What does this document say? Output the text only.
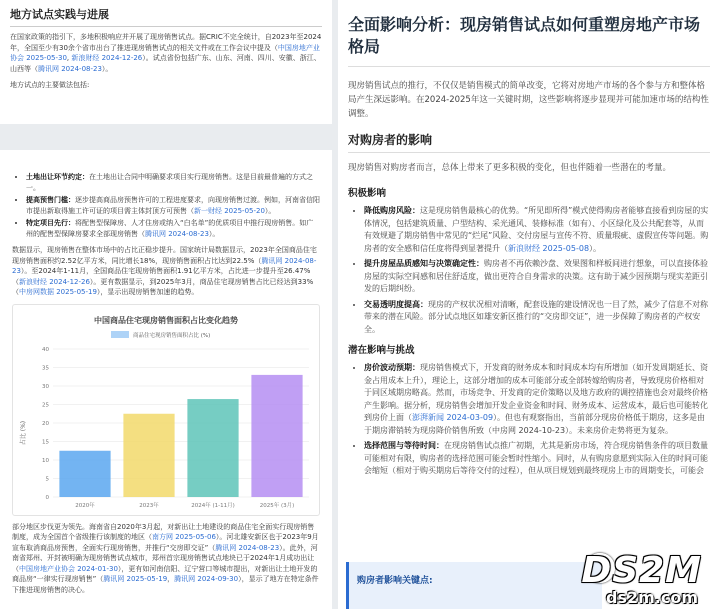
地方试点实践与进展

在国家政策的指引下，多地积极响应并开展了现房销售试点。据CRIC不完全统计，自2023年至2024年，全国至少有30余个省市出台了推进现房销售试点的相关文件或在工作会议中提及（中国房地产业协会 2025-05-30, 新浪财经 2024-12-26）。试点省份包括广东、山东、河南、四川、安徽、浙江、山西等（腾讯网 2024-08-23）。

地方试点的主要做法包括:

• 土地出让环节约定：在土地出让合同中明确要求项目实行现房销售。这是目前最普遍的方式之一。
• 提高预售门槛：逐步提高商品房预售许可的工程进度要求，向现房销售过渡。例如，河南省信阳市提出新取得施工许可证的项目需主体封顶方可预售（新一财经 2025-05-20）。
• 特定项目先行：将配售型保障房、人才住房或纳入“白名单”的优质项目中推行现房销售。如广州的配售型保障房要求全部现房销售（腾讯网 2024-08-23）。

数据显示，现房销售在整体市场中的占比正稳步提升。国家统计局数据显示，2023年全国商品住宅现房销售面积约2.52亿平方米，同比增长18%，现房销售面积占比达到22.5%（腾讯网 2024-08-23）。至2024年1-11月，全国商品住宅现房销售面积1.91亿平方米，占比进一步提升至26.47%（新浪财经 2024-12-26）。更有数据显示，到2025年3月，商品住宅现房销售占比已经达到33%（中房网数据 2025-05-19），显示出现房销售加速的趋势。

中国商品住宅现房销售面积占比变化趋势
商品住宅现房销售面积占比 (%)
0
5
10
15
20
25
30
35
40
2020年	2023年	2024年 (1-11月)	2025年 (3月)
占比 (%)

部分地区步伐更为领先。海南省自2020年3月起，对新出让土地建设的商品住宅全面实行现房销售制度，成为全国首个省级推行该制度的地区（南方网 2025-05-06）。河北雄安新区也于2023年9月宣布取消商品房预售，全面实行现房销售，并推行“交房即交证”（腾讯网 2024-08-23）。此外，河南省郑州、开封被明确为现房销售试点城市，郑州首宗现房销售试点地块已于2024年1月成功出让（中国房地产业协会 2024-01-30），更有如河南信阳、辽宁营口等城市提出，对新出让土地开发的商品房“一律实行现房销售”（腾讯网 2025-05-19，腾讯网 2024-09-30），显示了地方在特定条件下推进现房销售的决心。

全面影响分析：现房销售试点如何重塑房地产市场格局

现房销售试点的推行，不仅仅是销售模式的简单改变，它将对房地产市场的各个参与方和整体格局产生深远影响。在2024-2025年这一关键时期，这些影响将逐步显现并可能加速市场的结构性调整。

对购房者的影响

现房销售对购房者而言，总体上带来了更多积极的变化，但也伴随着一些潜在的考量。

积极影响
• 降低购房风险：这是现房销售最核心的优势。“所见即所得”模式使得购房者能够直接看到房屋的实体情况，包括建筑质量、户型结构、采光通风、装修标准（如有）、小区绿化及公共配套等，从而有效规避了期房销售中常见的“烂尾”风险、交付房屋与宣传不符、质量瑕疵、虚假宣传等问题。购房者的安全感和信任度将得到显著提升（新浪财经 2025-05-08）。
• 提升房屋品质感知与决策确定性：购房者不再依赖沙盘、效果图和样板间进行想象，可以直接体验房屋的实际空间感和居住舒适度，做出更符合自身需求的决策。这有助于减少因预期与现实差距引发的后期纠纷。
• 交易透明度提高：现房的产权状况相对清晰，配套设施的建设情况也一目了然，减少了信息不对称带来的潜在风险。部分试点地区如雄安新区推行的“交房即交证”，进一步保障了购房者的产权安全。
潜在影响与挑战
• 房价波动预期：现房销售模式下，开发商的财务成本和时间成本均有所增加（如开发周期延长、资金占用成本上升），理论上，这部分增加的成本可能部分或全部转嫁给购房者，导致现房价格相对于同区域期房略高。然而，市场竞争、开发商的定价策略以及地方政府的调控措施也会对最终价格产生影响。据分析，现房销售会增加开发企业资金和时间、财务成本、运营成本，最后也可能转化到房价上面（澎湃新闻 2024-03-09）。但也有观察指出，当前部分现房价格低于期房，这多是由于期房滞销转为现房降价销售所致（中房网 2024-10-23）。未来房价走势将更为复杂。
• 选择范围与等待时间：在现房销售试点推广初期，尤其是新房市场，符合现房销售条件的项目数量可能相对有限，购房者的选择范围可能会暂时性缩小。同时，从有购房意愿到实际入住的时间可能会缩短（相对于购买期房后等待交付的过程），但从项目规划到最终现房上市的周期变长，可能会
购房者影响关键点:	DS2M
ds2m.com
